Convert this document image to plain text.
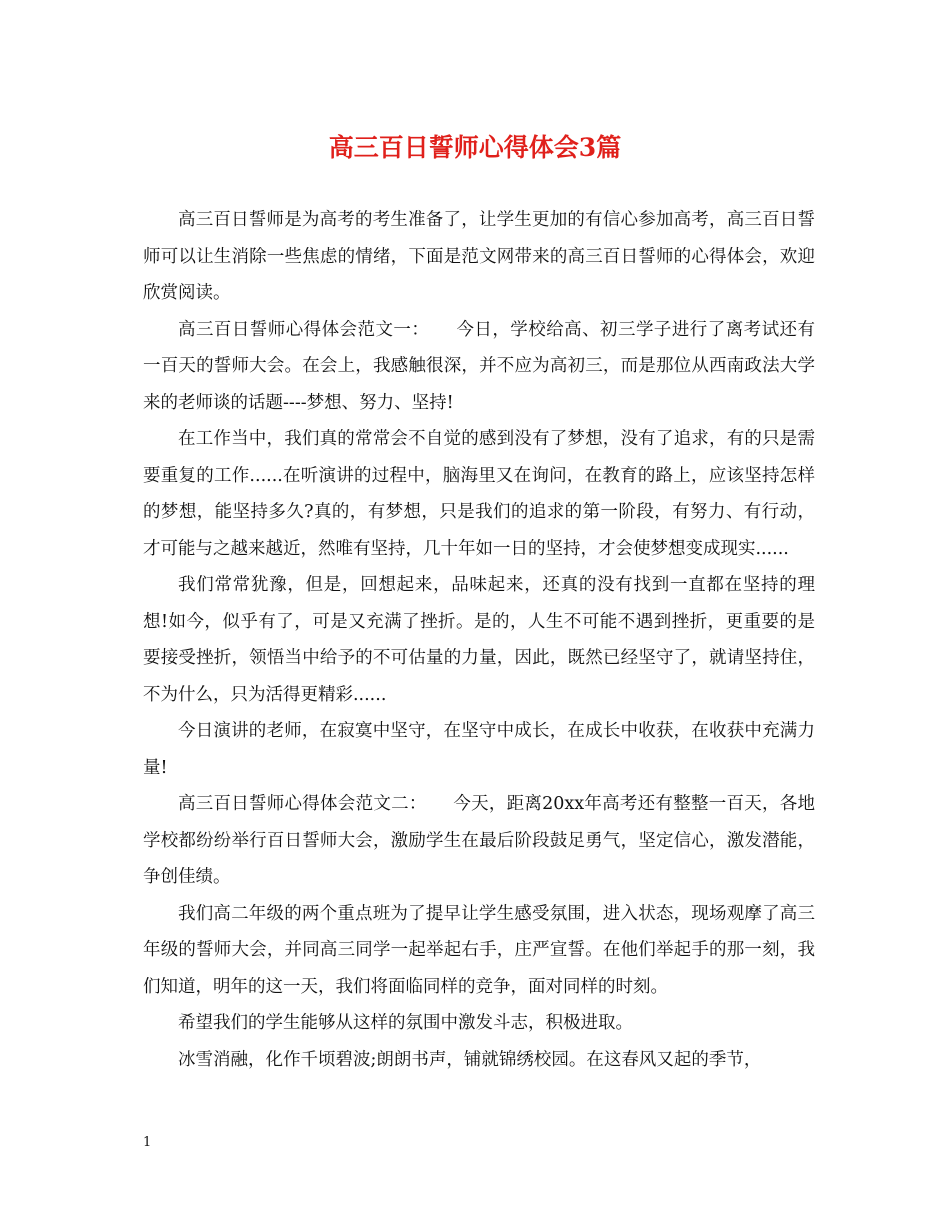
高三百日誓师心得体会3篇

高三百日誓师是为高考的考生准备了，让学生更加的有信心参加高考，高三百日誓师可以让生消除一些焦虑的情绪，下面是范文网带来的高三百日誓师的心得体会，欢迎欣赏阅读。

高三百日誓师心得体会范文一：　　今日，学校给高、初三学子进行了离考试还有一百天的誓师大会。在会上，我感触很深，并不应为高初三，而是那位从西南政法大学来的老师谈的话题----梦想、努力、坚持!

在工作当中，我们真的常常会不自觉的感到没有了梦想，没有了追求，有的只是需要重复的工作......在听演讲的过程中，脑海里又在询问，在教育的路上，应该坚持怎样的梦想，能坚持多久?真的，有梦想，只是我们的追求的第一阶段，有努力、有行动，才可能与之越来越近，然唯有坚持，几十年如一日的坚持，才会使梦想变成现实......

我们常常犹豫，但是，回想起来，品味起来，还真的没有找到一直都在坚持的理想!如今，似乎有了，可是又充满了挫折。是的，人生不可能不遇到挫折，更重要的是要接受挫折，领悟当中给予的不可估量的力量，因此，既然已经坚守了，就请坚持住，不为什么，只为活得更精彩......

今日演讲的老师，在寂寞中坚守，在坚守中成长，在成长中收获，在收获中充满力量!

高三百日誓师心得体会范文二：　　今天，距离20xx年高考还有整整一百天，各地学校都纷纷举行百日誓师大会，激励学生在最后阶段鼓足勇气，坚定信心，激发潜能，争创佳绩。

我们高二年级的两个重点班为了提早让学生感受氛围，进入状态，现场观摩了高三年级的誓师大会，并同高三同学一起举起右手，庄严宣誓。在他们举起手的那一刻，我们知道，明年的这一天，我们将面临同样的竞争，面对同样的时刻。

希望我们的学生能够从这样的氛围中激发斗志，积极进取。

冰雪消融，化作千顷碧波;朗朗书声，铺就锦绣校园。在这春风又起的季节，

1
